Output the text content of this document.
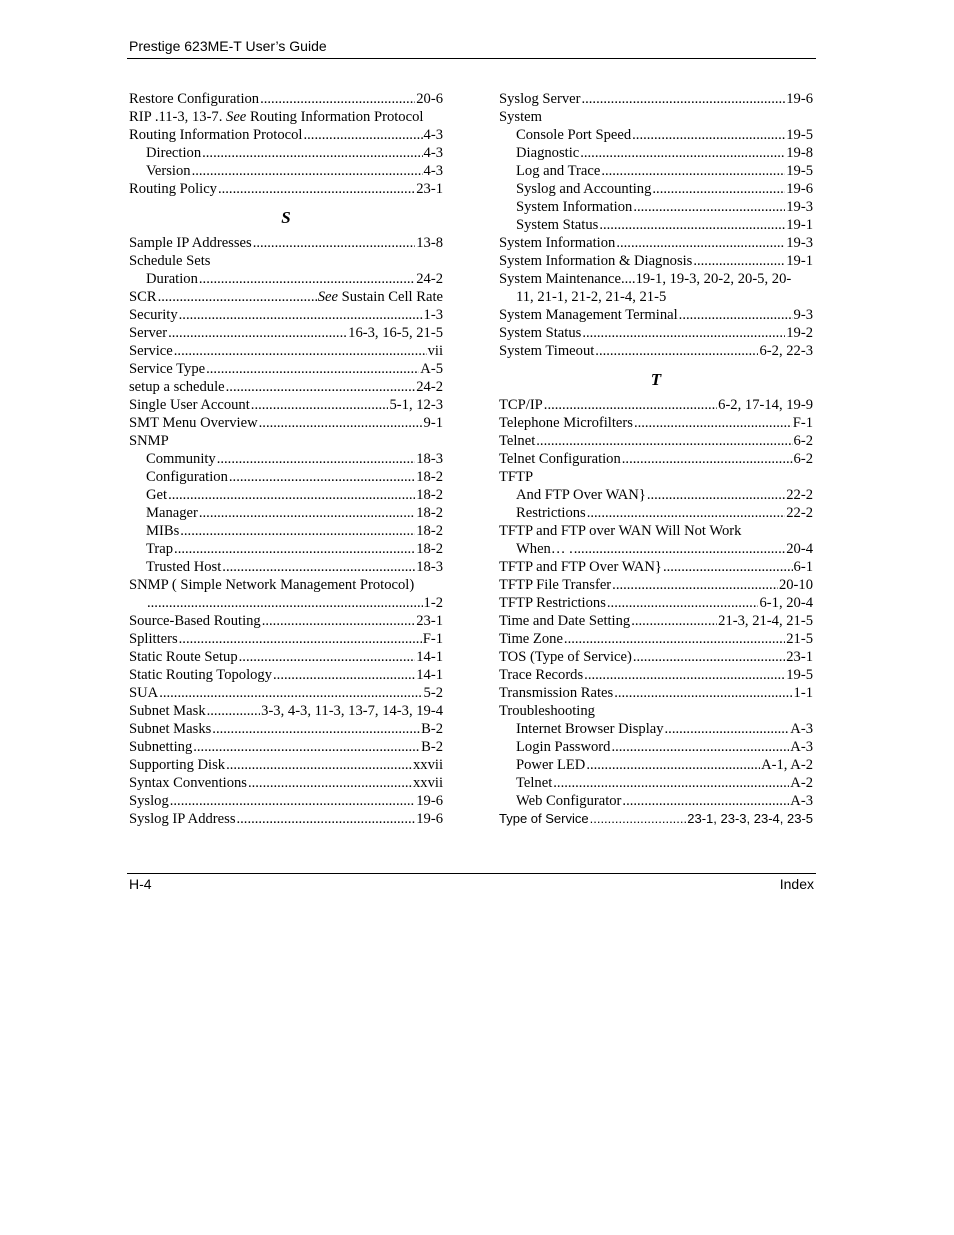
Prestige 623ME-T User’s Guide
Restore Configuration .....	20-6
RIP .11-3, 13-7.
See Routing Information Protocol
Routing Information Protocol .....	4-3
Direction .....	4-3
Version .....	4-3
Routing Policy .....	23-1
S
Sample IP Addresses .....	13-8
Schedule Sets
Duration .....	24-2
SCR .....	See Sustain Cell Rate
Security .....	1-3
Server .....	16-3, 16-5, 21-5
Service .....	vii
Service Type .....	A-5
setup a schedule .....	24-2
Single User Account .....	5-1, 12-3
SMT Menu Overview .....	9-1
SNMP
Community .....	18-3
Configuration .....	18-2
Get .....	18-2
Manager .....	18-2
MIBs .....	18-2
Trap .....	18-2
Trusted Host .....	18-3
SNMP ( Simple Network Management Protocol)
.....
1-2
Source-Based Routing .....	23-1
Splitters .....	F-1
Static Route Setup .....	14-1
Static Routing Topology .....	14-1
SUA .....	5-2
Subnet Mask .....	3-3, 4-3, 11-3, 13-7, 14-3, 19-4
Subnet Masks .....	B-2
Subnetting .....	B-2
Supporting Disk .....	xxvii
Syntax Conventions .....	xxvii
Syslog .....	19-6
Syslog IP Address .....	19-6
Syslog Server .....	19-6
System
Console Port Speed .....	19-5
Diagnostic .....	19-8
Log and Trace .....	19-5
Syslog and Accounting .....	19-6
System Information .....	19-3
System Status .....	19-1
System Information .....	19-3
System Information & Diagnosis .....	19-1
System Maintenance....19-1, 19-3, 20-2, 20-5, 20-
11, 21-1, 21-2, 21-4, 21-5
System Management Terminal .....	9-3
System Status .....	19-2
System Timeout .....	6-2, 22-3
T
TCP/IP .....	6-2, 17-14, 19-9
Telephone Microfilters .....	F-1
Telnet .....	6-2
Telnet Configuration .....	6-2
TFTP
And FTP Over WAN} .....	22-2
Restrictions .....	22-2
TFTP and FTP over WAN Will Not Work
When… . .....	20-4
TFTP and FTP Over WAN} .....	6-1
TFTP File Transfer .....	20-10
TFTP Restrictions .....	6-1, 20-4
Time and Date Setting .....	21-3, 21-4, 21-5
Time Zone .....	21-5
TOS (Type of Service) .....	23-1
Trace Records .....	19-5
Transmission Rates .....	1-1
Troubleshooting
Internet Browser Display .....	A-3
Login Password .....	A-3
Power LED .....	A-1, A-2
Telnet .....	A-2
Web Configurator .....	A-3
Type of Service .....	23-1, 23-3, 23-4, 23-5
H-4	Index
